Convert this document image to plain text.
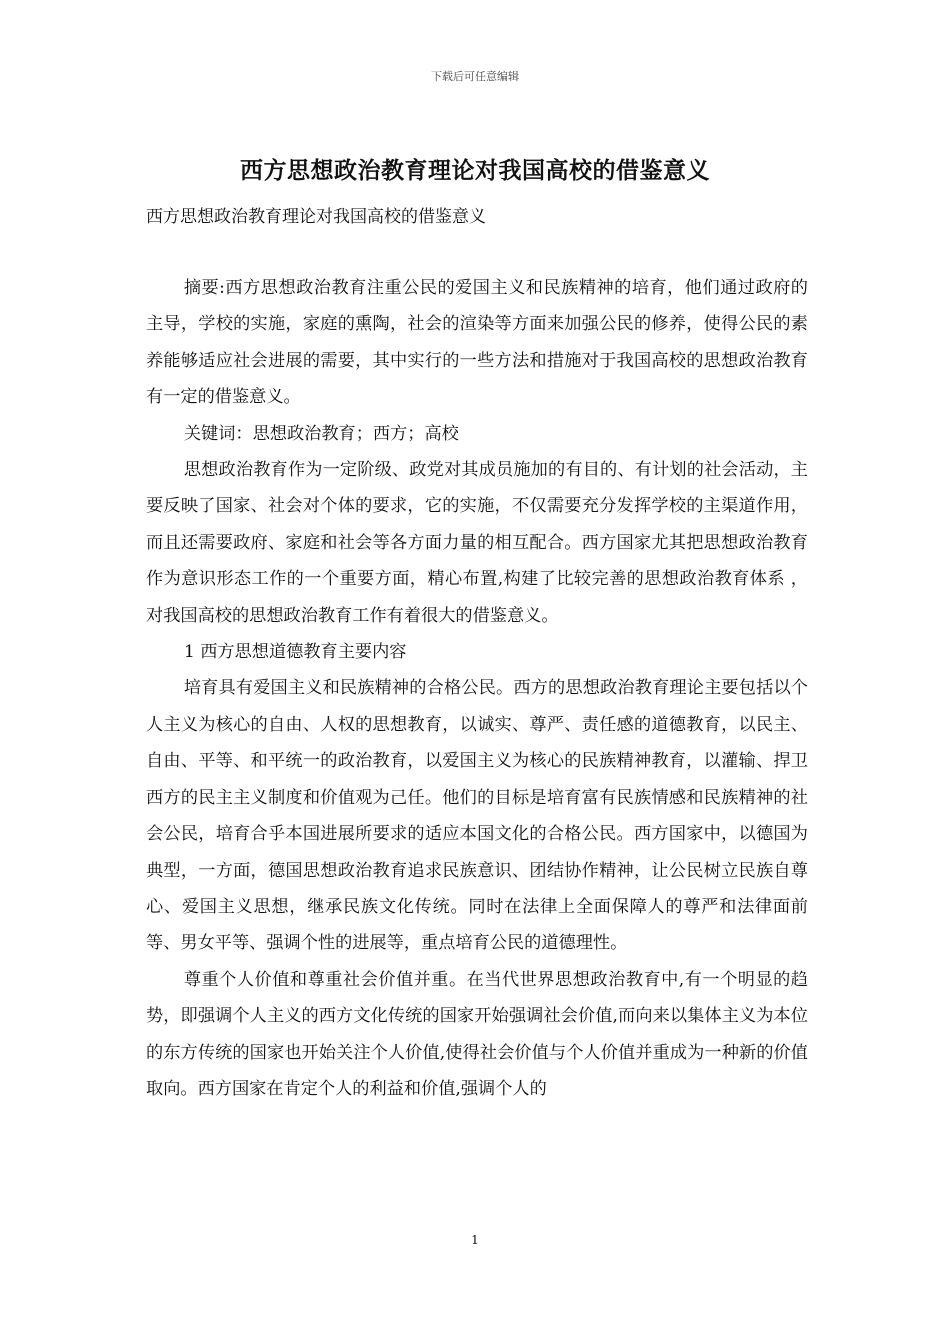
下载后可任意编辑
西方思想政治教育理论对我国高校的借鉴意义
西方思想政治教育理论对我国高校的借鉴意义

摘要:西方思想政治教育注重公民的爱国主义和民族精神的培育，他们通过政府的主导，学校的实施，家庭的熏陶，社会的渲染等方面来加强公民的修养，使得公民的素养能够适应社会进展的需要，其中实行的一些方法和措施对于我国高校的思想政治教育有一定的借鉴意义。

关键词：思想政治教育；西方；高校

思想政治教育作为一定阶级、政党对其成员施加的有目的、有计划的社会活动，主要反映了国家、社会对个体的要求，它的实施，不仅需要充分发挥学校的主渠道作用，而且还需要政府、家庭和社会等各方面力量的相互配合。西方国家尤其把思想政治教育作为意识形态工作的一个重要方面，精心布置,构建了比较完善的思想政治教育体系 ，对我国高校的思想政治教育工作有着很大的借鉴意义。

1 西方思想道德教育主要内容

培育具有爱国主义和民族精神的合格公民。西方的思想政治教育理论主要包括以个人主义为核心的自由、人权的思想教育，以诚实、尊严、责任感的道德教育，以民主、自由、平等、和平统一的政治教育，以爱国主义为核心的民族精神教育，以灌输、捍卫西方的民主主义制度和价值观为己任。他们的目标是培育富有民族情感和民族精神的社会公民，培育合乎本国进展所要求的适应本国文化的合格公民。西方国家中，以德国为典型，一方面，德国思想政治教育追求民族意识、团结协作精神，让公民树立民族自尊心、爱国主义思想，继承民族文化传统。同时在法律上全面保障人的尊严和法律面前等、男女平等、强调个性的进展等，重点培育公民的道德理性。

尊重个人价值和尊重社会价值并重。在当代世界思想政治教育中,有一个明显的趋势，即强调个人主义的西方文化传统的国家开始强调社会价值,而向来以集体主义为本位的东方传统的国家也开始关注个人价值,使得社会价值与个人价值并重成为一种新的价值取向。西方国家在肯定个人的利益和价值,强调个人的

1
